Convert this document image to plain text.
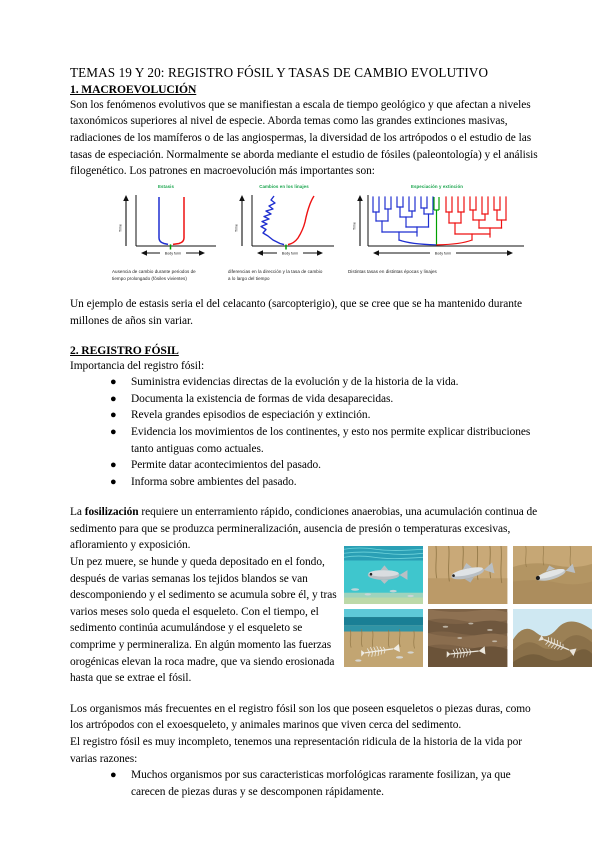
TEMAS 19 Y 20: REGISTRO FÓSIL Y TASAS DE CAMBIO EVOLUTIVO
1. MACROEVOLUCIÓN

Son los fenómenos evolutivos que se manifiestan a escala de tiempo geológico y que afectan a niveles taxonómicos superiores al nivel de especie. Aborda temas como las grandes extinciones masivas, radiaciones de los mamíferos o de las angiospermas, la diversidad de los artrópodos o el estudio de las tasas de especiación. Normalmente se aborda mediante el estudio de fósiles (paleontología) y el análisis filogenético. Los patrones en macroevolución más importantes son:

Estasis
Time
Body form
Ausencia de cambio durante periodos de tiempo prolongado (fósiles vivientes)
Cambios en los linajes
Time
Body form
diferencias en la dirección y la tasa de cambio a lo largo del tiempo
Especiación y extinción
Time
Body form
Distintas tasas en distintas épocas y linajes

Un ejemplo de estasis seria el del celacanto (sarcopterigio), que se cree que se ha mantenido durante millones de años sin variar.

2. REGISTRO FÓSIL

Importancia del registro fósil:

● Suministra evidencias directas de la evolución y de la historia de la vida.
● Documenta la existencia de formas de vida desaparecidas.
● Revela grandes episodios de especiación y extinción.
● Evidencia los movimientos de los continentes, y esto nos permite explicar distribuciones tanto antiguas como actuales.
● Permite datar acontecimientos del pasado.
● Informa sobre ambientes del pasado.

La fosilización requiere un enterramiento rápido, condiciones anaerobias, una acumulación continua de sedimento para que se produzca permineralización, ausencia de presión o temperaturas excesivas, afloramiento y exposición.

Un pez muere, se hunde y queda depositado en el fondo, después de varias semanas los tejidos blandos se van descomponiendo y el sedimento se acumula sobre él, y tras varios meses solo queda el esqueleto. Con el tiempo, el sedimento continúa acumulándose y el esqueleto se comprime y permineraliza. En algún momento las fuerzas orogénicas elevan la roca madre, que va siendo erosionada hasta que se extrae el fósil.

Los organismos más frecuentes en el registro fósil son los que poseen esqueletos o piezas duras, como los artrópodos con el exoesqueleto, y animales marinos que viven cerca del sedimento.

El registro fósil es muy incompleto, tenemos una representación ridicula de la historia de la vida por varias razones:

● Muchos organismos por sus caracteristicas morfológicas raramente fosilizan, ya que carecen de piezas duras y se descomponen rápidamente.
